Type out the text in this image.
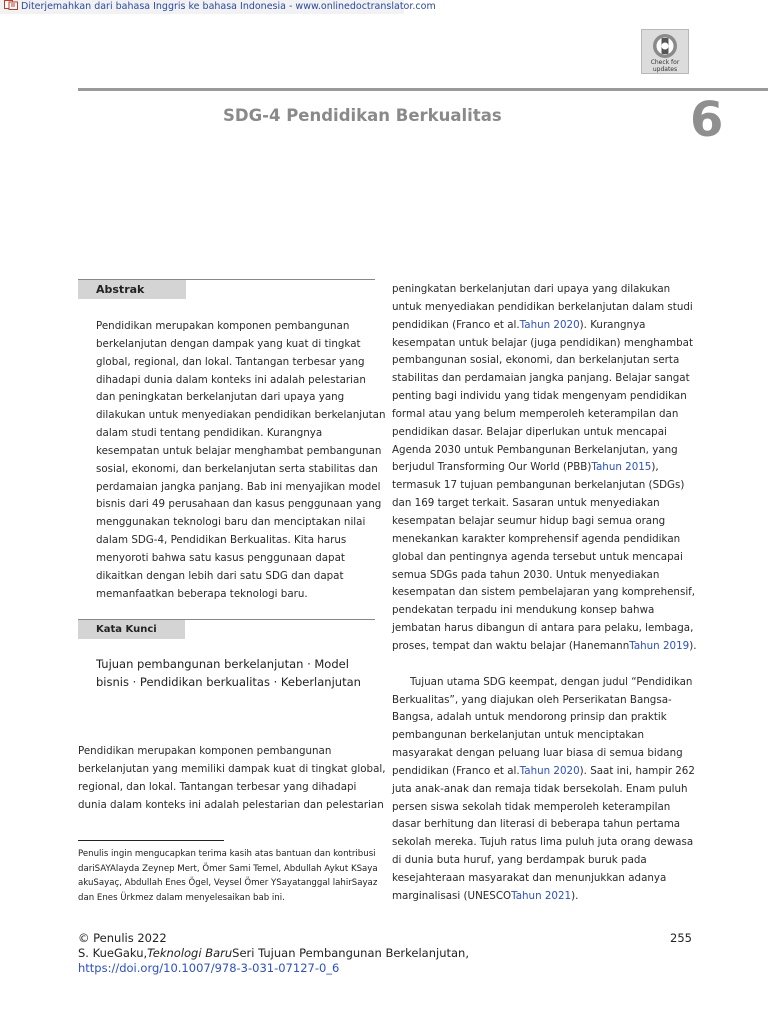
Diterjemahkan dari bahasa Inggris ke bahasa Indonesia - www.onlinedoctranslator.com
Check for
updates
SDG-4 Pendidikan Berkualitas	6
Abstrak

Pendidikan merupakan komponen pembangunan

berkelanjutan dengan dampak yang kuat di tingkat

global, regional, dan lokal. Tantangan terbesar yang

dihadapi dunia dalam konteks ini adalah pelestarian

dan peningkatan berkelanjutan dari upaya yang

dilakukan untuk menyediakan pendidikan berkelanjutan

dalam studi tentang pendidikan. Kurangnya

kesempatan untuk belajar menghambat pembangunan

sosial, ekonomi, dan berkelanjutan serta stabilitas dan

perdamaian jangka panjang. Bab ini menyajikan model

bisnis dari 49 perusahaan dan kasus penggunaan yang

menggunakan teknologi baru dan menciptakan nilai

dalam SDG-4, Pendidikan Berkualitas. Kita harus

menyoroti bahwa satu kasus penggunaan dapat

dikaitkan dengan lebih dari satu SDG dan dapat

memanfaatkan beberapa teknologi baru.

Kata Kunci

Tujuan pembangunan berkelanjutan · Model

bisnis · Pendidikan berkualitas · Keberlanjutan

Pendidikan merupakan komponen pembangunan

berkelanjutan yang memiliki dampak kuat di tingkat global,

regional, dan lokal. Tantangan terbesar yang dihadapi

dunia dalam konteks ini adalah pelestarian dan pelestarian

Penulis ingin mengucapkan terima kasih atas bantuan dan kontribusi
dariSAYAlayda Zeynep Mert, Ömer Sami Temel, Abdullah Aykut KSaya
akuSayaç, Abdullah Enes Ögel, Veysel Ömer YSayatanggal lahirSayaz
dan Enes Ürkmez dalam menyelesaikan bab ini.

peningkatan berkelanjutan dari upaya yang dilakukan

untuk menyediakan pendidikan berkelanjutan dalam studi

pendidikan (Franco et al.Tahun 2020). Kurangnya

kesempatan untuk belajar (juga pendidikan) menghambat

pembangunan sosial, ekonomi, dan berkelanjutan serta

stabilitas dan perdamaian jangka panjang. Belajar sangat

penting bagi individu yang tidak mengenyam pendidikan

formal atau yang belum memperoleh keterampilan dan

pendidikan dasar. Belajar diperlukan untuk mencapai

Agenda 2030 untuk Pembangunan Berkelanjutan, yang

berjudul Transforming Our World (PBB)Tahun 2015),

termasuk 17 tujuan pembangunan berkelanjutan (SDGs)

dan 169 target terkait. Sasaran untuk menyediakan

kesempatan belajar seumur hidup bagi semua orang

menekankan karakter komprehensif agenda pendidikan

global dan pentingnya agenda tersebut untuk mencapai

semua SDGs pada tahun 2030. Untuk menyediakan

kesempatan dan sistem pembelajaran yang komprehensif,

pendekatan terpadu ini mendukung konsep bahwa

jembatan harus dibangun di antara para pelaku, lembaga,

proses, tempat dan waktu belajar (HanemannTahun 2019).

Tujuan utama SDG keempat, dengan judul “Pendidikan

Berkualitas”, yang diajukan oleh Perserikatan Bangsa-

Bangsa, adalah untuk mendorong prinsip dan praktik

pembangunan berkelanjutan untuk menciptakan

masyarakat dengan peluang luar biasa di semua bidang

pendidikan (Franco et al.Tahun 2020). Saat ini, hampir 262

juta anak-anak dan remaja tidak bersekolah. Enam puluh

persen siswa sekolah tidak memperoleh keterampilan

dasar berhitung dan literasi di beberapa tahun pertama

sekolah mereka. Tujuh ratus lima puluh juta orang dewasa

di dunia buta huruf, yang berdampak buruk pada

kesejahteraan masyarakat dan menunjukkan adanya

marginalisasi (UNESCOTahun 2021).

© Penulis 2022	255
S. KueGaku,Teknologi BaruSeri Tujuan Pembangunan Berkelanjutan,
https://doi.org/10.1007/978-3-031-07127-0_6
